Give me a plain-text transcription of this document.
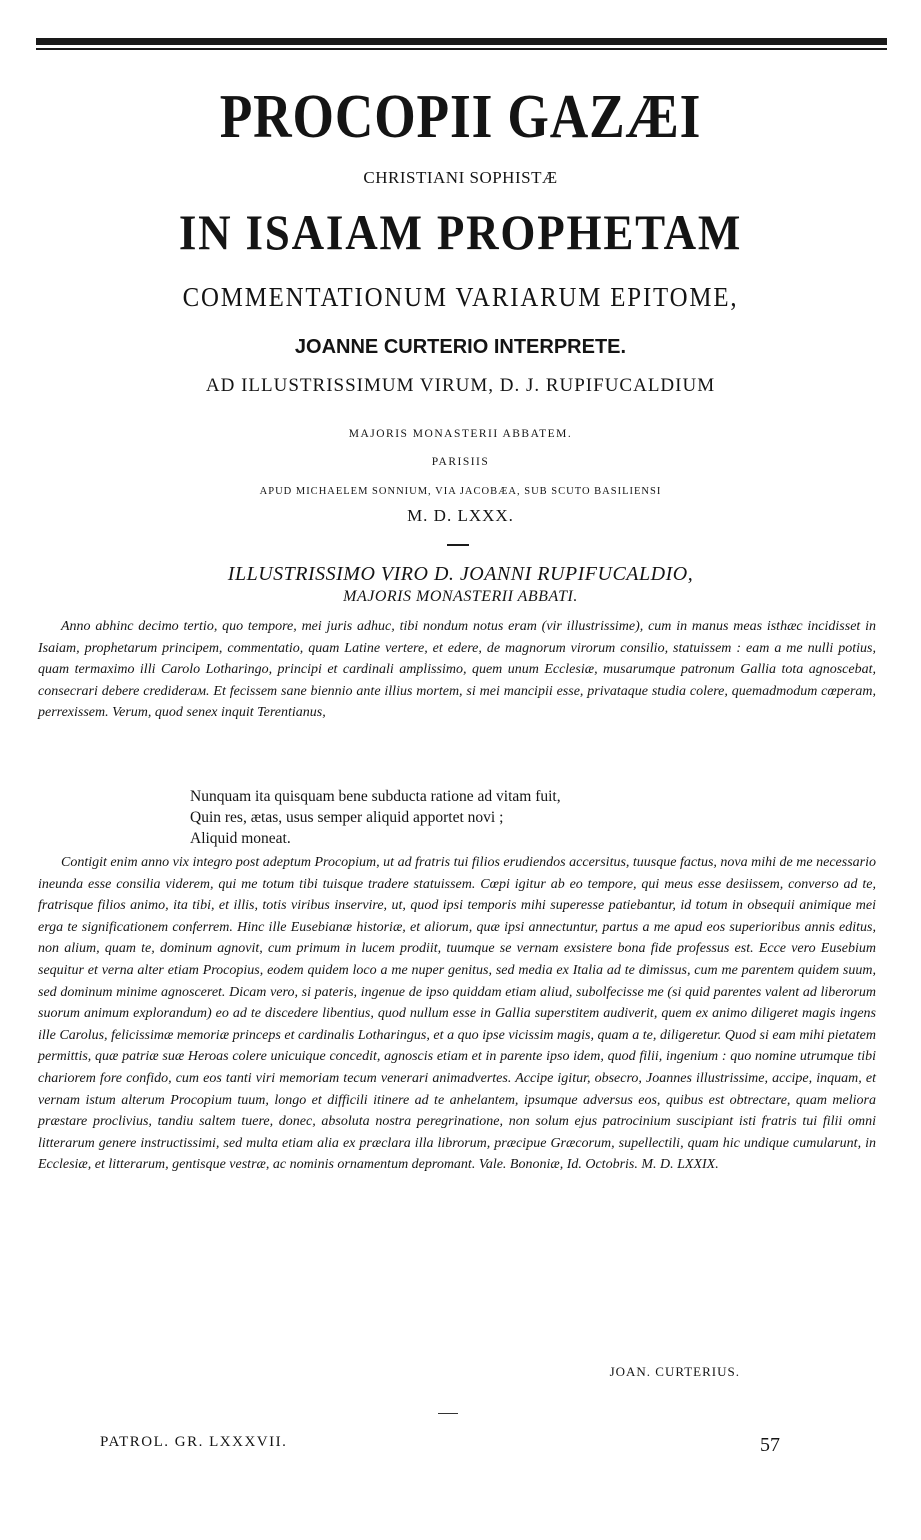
PROCOPII GAZÆI
CHRISTIANI SOPHISTÆ
IN ISAIAM PROPHETAM
COMMENTATIONUM VARIARUM EPITOME,
JOANNE CURTERIO INTERPRETE.
AD ILLUSTRISSIMUM VIRUM, D. J. RUPIFUCALDIUM
MAJORIS MONASTERII ABBATEM.
PARISIIS
APUD MICHAELEM SONNIUM, VIA JACOBÆA, SUB SCUTO BASILIENSI
M. D. LXXX.
ILLUSTRISSIMO VIRO D. JOANNI RUPIFUCALDIO,
MAJORIS MONASTERII ABBATI.

Anno abhinc decimo tertio, quo tempore, mei juris adhuc, tibi nondum notus eram (vir illustrissime), cum in manus meas isthæc incidisset in Isaiam, prophetarum principem, commentatio, quam Latine vertere, et edere, de magnorum virorum consilio, statuissem : eam a me nulli potius, quam termaximo illi Carolo Lotharingo, principi et cardinali amplissimo, quem unum Ecclesiæ, musarumque patronum Gallia tota agnoscebat, consecrari debere crediderам. Et fecissem sane biennio ante illius mortem, si mei mancipii esse, privataque studia colere, quemadmodum cœperam, perrexissem. Verum, quod senex inquit Terentianus,

Nunquam ita quisquam bene subducta ratione ad vitam fuit,
Quin res, ætas, usus semper aliquid apportet novi ;
Aliquid moneat.

Contigit enim anno vix integro post adeptum Procopium, ut ad fratris tui filios erudiendos accersitus, tuusque factus, nova mihi de me necessario ineunda esse consilia viderem, qui me totum tibi tuisque tradere statuissem. Cœpi igitur ab eo tempore, qui meus esse desiissem, converso ad te, fratrisque filios animo, ita tibi, et illis, totis viribus inservire, ut, quod ipsi temporis mihi superesse patiebantur, id totum in obsequii animique mei erga te significationem conferrem. Hinc ille Eusebianæ historiæ, et aliorum, quæ ipsi annectuntur, partus a me apud eos superioribus annis editus, non alium, quam te, dominum agnovit, cum primum in lucem prodiit, tuumque se vernam exsistere bona fide professus est. Ecce vero Eusebium sequitur et verna alter etiam Procopius, eodem quidem loco a me nuper genitus, sed media ex Italia ad te dimissus, cum me parentem quidem suum, sed dominum minime agnosceret. Dicam vero, si pateris, ingenue de ipso quiddam etiam aliud, subolfecisse me (si quid parentes valent ad liberorum suorum animum explorandum) eo ad te discedere libentius, quod nullum esse in Gallia superstitem audiverit, quem ex animo diligeret magis ingens ille Carolus, felicissimæ memoriæ princeps et cardinalis Lotharingus, et a quo ipse vicissim magis, quam a te, diligeretur. Quod si eam mihi pietatem permittis, quæ patriæ suæ Heroas colere unicuique concedit, agnoscis etiam et in parente ipso idem, quod filii, ingenium : quo nomine utrumque tibi chariorem fore confido, cum eos tanti viri memoriam tecum venerari animadvertes. Accipe igitur, obsecro, Joannes illustrissime, accipe, inquam, et vernam istum alterum Procopium tuum, longo et difficili itinere ad te anhelantem, ipsumque adversus eos, quibus est obtrectare, quam meliora præstare proclivius, tandiu saltem tuere, donec, absoluta nostra peregrinatione, non solum ejus patrocinium suscipiant isti fratris tui filii omni litterarum genere instructissimi, sed multa etiam alia ex præclara illa librorum, præcipue Græcorum, supellectili, quam hic undique cumularunt, in Ecclesiæ, et litterarum, gentisque vestræ, ac nominis ornamentum depromant. Vale. Bononiæ, Id. Octobris. M. D. LXXIX.

JOAN. CURTERIUS.
PATROL. GR. LXXXVII.	57
